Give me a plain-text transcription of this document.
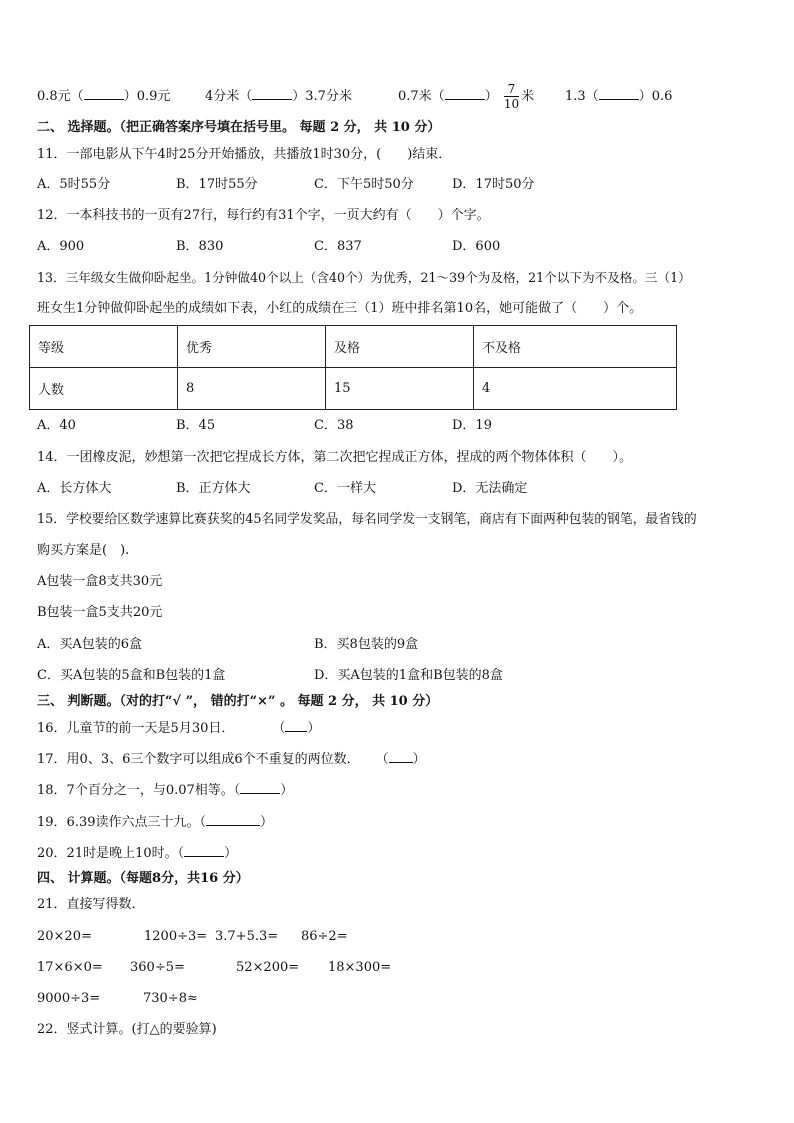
0.8元（	）0.9元	4分米（	）3.7分米	0.7米（	） $\frac{7}{10}$ 米 1.3（	）0.6
二、 选择题。（把正确答案序号填在括号里。 每题 2 分， 共 10 分）
11．一部电影从下午4时25分开始播放，共播放1时30分，(　　)结束．
A．5时55分	B．17时55分	C．下午5时50分	D．17时50分
12．一本科技书的一页有27行，每行约有31个字，一页大约有（　　）个字。
A．900	B．830	C．837	D．600
13．三年级女生做仰卧起坐。1分钟做40个以上（含40个）为优秀，21～39个为及格，21个以下为不及格。三（1）
班女生1分钟做仰卧起坐的成绩如下表，小红的成绩在三（1）班中排名第10名，她可能做了（　　）个。
等级	优秀	及格	不及格
人数	8	15	4
A．40	B．45	C．38	D．19
14．一团橡皮泥，妙想第一次把它捏成长方体，第二次把它捏成正方体，捏成的两个物体体积（　　）。
A．长方体大	B．正方体大	C．一样大	D．无法确定
15．学校要给区数学速算比赛获奖的45名同学发奖品，每名同学发一支钢笔，商店有下面两种包装的钢笔，最省钱的
购买方案是(　).
A包装一盒8支共30元
B包装一盒5支共20元
A．买A包装的6盒	B．买8包装的9盒
C．买A包装的5盒和B包装的1盒	D．买A包装的1盒和B包装的8盒
三、 判断题。（对的打“√ ”， 错的打“×” 。 每题 2 分， 共 10 分）
16．儿童节的前一天是5月30日．	（ ）
17．用0、3、6三个数字可以组成6个不重复的两位数． （ ）
18．7个百分之一，与0.07相等。（	）
19．6.39读作六点三十九。（	）
20．21时是晚上10时。（	）
四、 计算题。（每题8分，共16 分）
21．直接写得数．
20×20=	1200÷3= 3.7+5.3= 86÷2=
17×6×0= 360÷5=	52×200= 18×300=
9000÷3=	730÷8≈
22．竖式计算。(打△的要验算)
